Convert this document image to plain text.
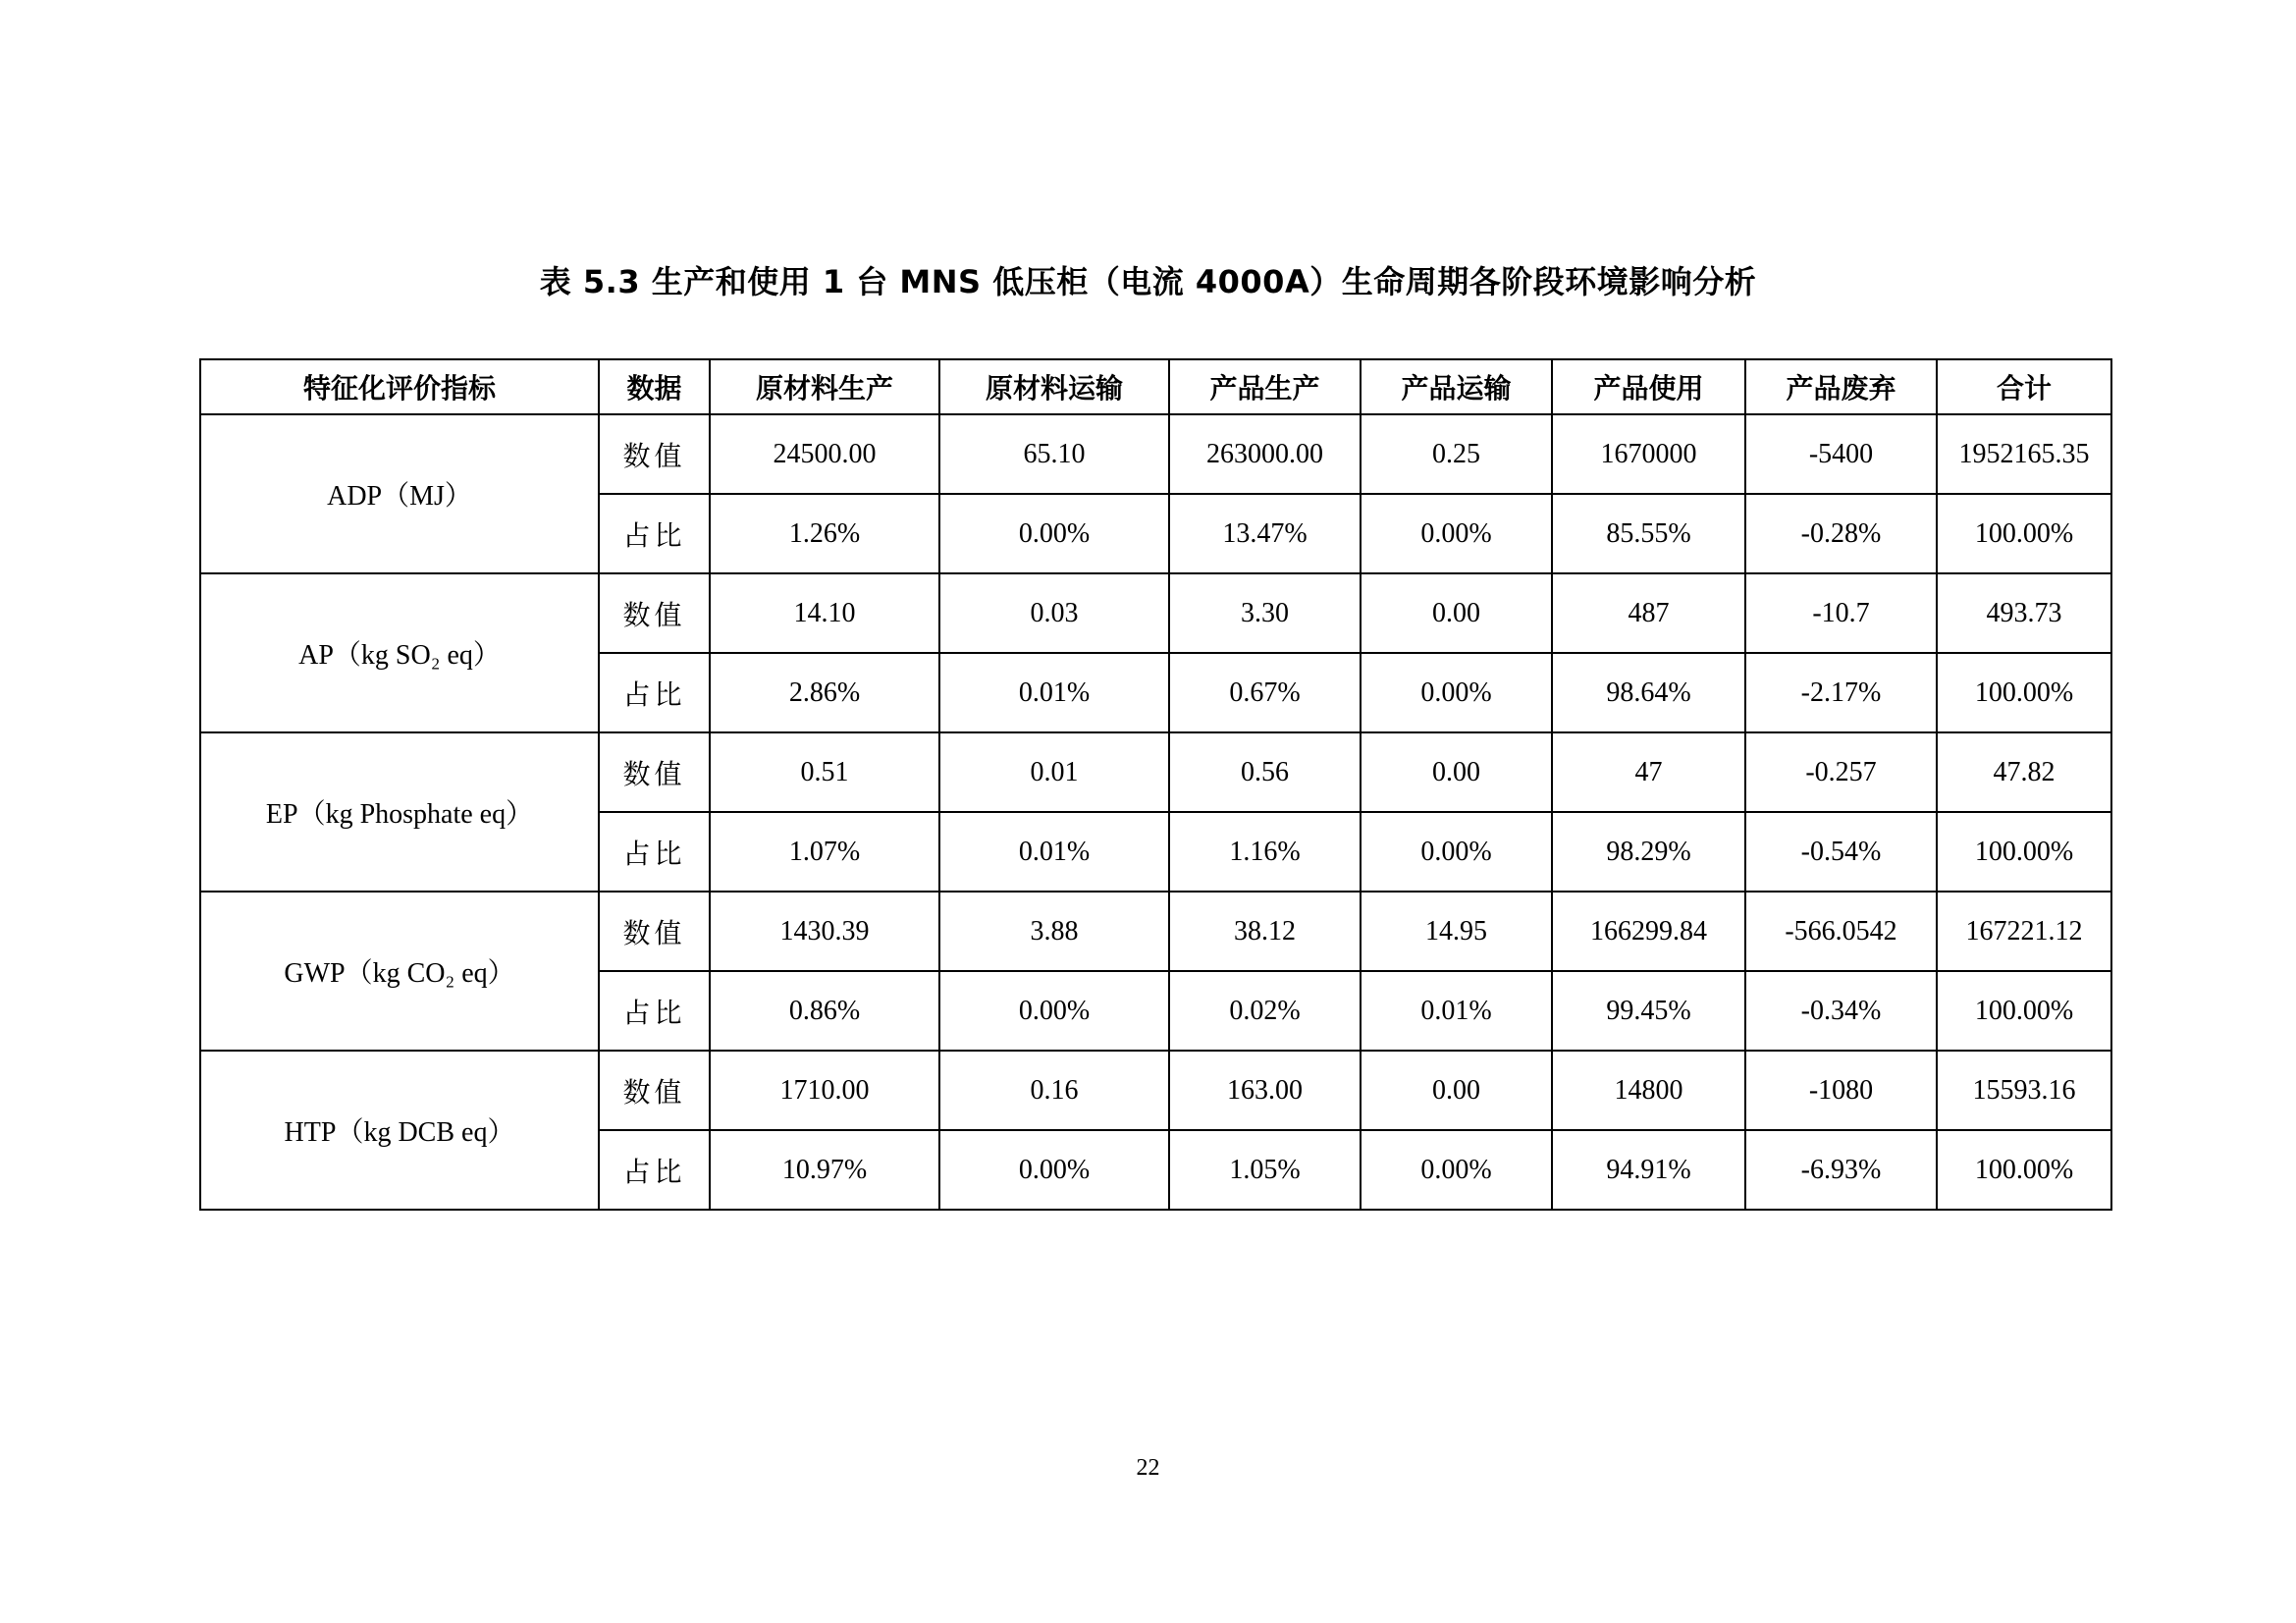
表 5.3 生产和使用 1 台 MNS 低压柜（电流 4000A）生命周期各阶段环境影响分析
特征化评价指标	数据	原材料生产	原材料运输	产品生产	产品运输	产品使用	产品废弃	合计
ADP（MJ）	数值	24500.00	65.10	263000.00	0.25	1670000	-5400	1952165.35
	占比	1.26%	0.00%	13.47%	0.00%	85.55%	-0.28%	100.00%
AP（kg SO₂ eq）	数值	14.10	0.03	3.30	0.00	487	-10.7	493.73
	占比	2.86%	0.01%	0.67%	0.00%	98.64%	-2.17%	100.00%
EP（kg Phosphate eq）	数值	0.51	0.01	0.56	0.00	47	-0.257	47.82
	占比	1.07%	0.01%	1.16%	0.00%	98.29%	-0.54%	100.00%
GWP（kg CO₂ eq）	数值	1430.39	3.88	38.12	14.95	166299.84	-566.0542	167221.12
	占比	0.86%	0.00%	0.02%	0.01%	99.45%	-0.34%	100.00%
HTP（kg DCB eq）	数值	1710.00	0.16	163.00	0.00	14800	-1080	15593.16
	占比	10.97%	0.00%	1.05%	0.00%	94.91%	-6.93%	100.00%
22
